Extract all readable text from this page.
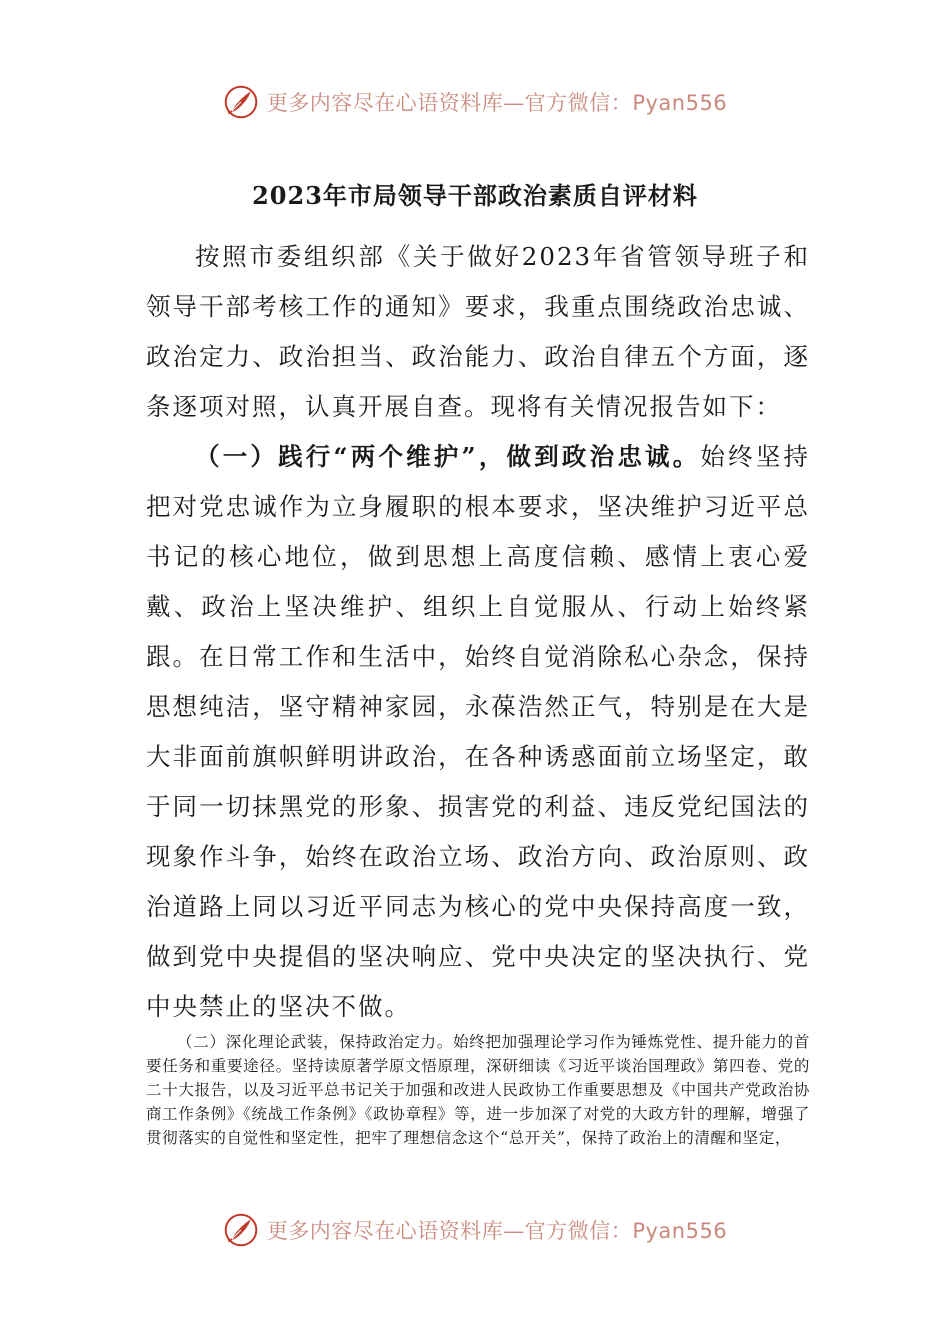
更多内容尽在心语资料库—官方微信：Pyan556
2023年市局领导干部政治素质自评材料

按照市委组织部《关于做好2023年省管领导班子和领导干部考核工作的通知》要求，我重点围绕政治忠诚、政治定力、政治担当、政治能力、政治自律五个方面，逐条逐项对照，认真开展自查。现将有关情况报告如下：

（一）践行“两个维护”，做到政治忠诚。始终坚持把对党忠诚作为立身履职的根本要求，坚决维护习近平总书记的核心地位，做到思想上高度信赖、感情上衷心爱戴、政治上坚决维护、组织上自觉服从、行动上始终紧跟。在日常工作和生活中，始终自觉消除私心杂念，保持思想纯洁，坚守精神家园，永葆浩然正气，特别是在大是大非面前旗帜鲜明讲政治，在各种诱惑面前立场坚定，敢于同一切抹黑党的形象、损害党的利益、违反党纪国法的现象作斗争，始终在政治立场、政治方向、政治原则、政治道路上同以习近平同志为核心的党中央保持高度一致，做到党中央提倡的坚决响应、党中央决定的坚决执行、党中央禁止的坚决不做。

（二）深化理论武装，保持政治定力。始终把加强理论学习作为锤炼党性、提升能力的首要任务和重要途径。坚持读原著学原文悟原理，深研细读《习近平谈治国理政》第四卷、党的二十大报告，以及习近平总书记关于加强和改进人民政协工作重要思想及《中国共产党政治协商工作条例》《统战工作条例》《政协章程》等，进一步加深了对党的大政方针的理解，增强了贯彻落实的自觉性和坚定性，把牢了理想信念这个“总开关”，保持了政治上的清醒和坚定，

更多内容尽在心语资料库—官方微信：Pyan556
